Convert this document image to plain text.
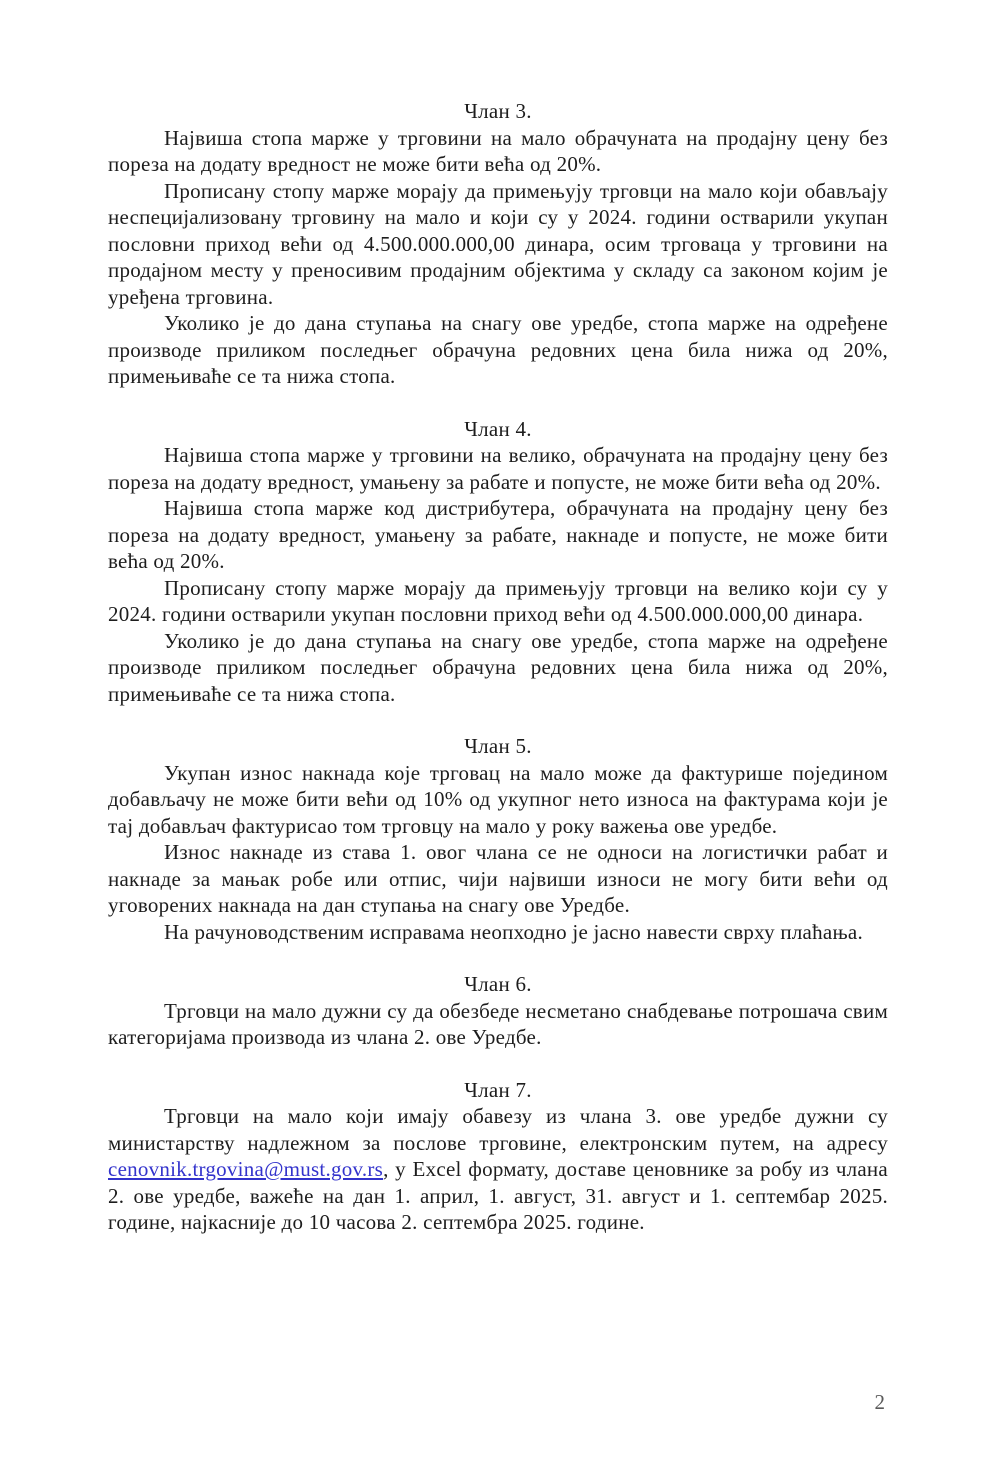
Члан 3.

Највиша стопа марже у трговини на мало обрачуната на продајну цену без пореза на додату вредност не може бити већа од 20%.

Прописану стопу марже морају да примењују трговци на мало који обављају неспецијализовану трговину на мало и који су у 2024. години остварили укупан пословни приход већи од 4.500.000.000,00 динара, осим трговаца у трговини на продајном месту у преносивим продајним објектима у складу са законом којим је уређена трговина.

Уколико је до дана ступања на снагу ове уредбе, стопа марже на одређене производе приликом последњег обрачуна редовних цена била нижа од 20%, примењиваће се та нижа стопа.

Члан 4.

Највиша стопа марже у трговини на велико, обрачуната на продајну цену без пореза на додату вредност, умањену за рабате и попусте, не може бити већа од 20%.

Највиша стопа марже код дистрибутера, обрачуната на продајну цену без пореза на додату вредност, умањену за рабате, накнаде и попусте, не може бити већа од 20%.

Прописану стопу марже морају да примењују трговци на велико који су у 2024. години остварили укупан пословни приход већи од 4.500.000.000,00 динара.

Уколико је до дана ступања на снагу ове уредбе, стопа марже на одређене производе приликом последњег обрачуна редовних цена била нижа од 20%, примењиваће се та нижа стопа.

Члан 5.

Укупан износ накнада које трговац на мало може да фактурише поједином добављачу не може бити већи од 10% од укупног нето износа на фактурама који је тај добављач фактурисао том трговцу на мало у року важења ове уредбе.

Износ накнаде из става 1. овог члана се не односи на логистички рабат и накнаде за мањак робе или отпис, чији највиши износи не могу бити већи од уговорених накнада на дан ступања на снагу ове Уредбе.

На рачуноводственим исправама неопходно је јасно навести сврху плаћања.

Члан 6.

Трговци на мало дужни су да обезбеде несметано снабдевање потрошача свим категоријама производа из члана 2. ове Уредбе.

Члан 7.

Трговци на мало који имају обавезу из члана 3. ове уредбе дужни су министарству надлежном за послове трговине, електронским путем, на адресу cenovnik.trgovina@must.gov.rs, у Excel формату, доставе ценовнике за робу из члана 2. ове уредбе, важеће на дан 1. април, 1. август, 31. август и 1. септембар 2025. године, најкасније до 10 часова 2. септембра 2025. године.

2
